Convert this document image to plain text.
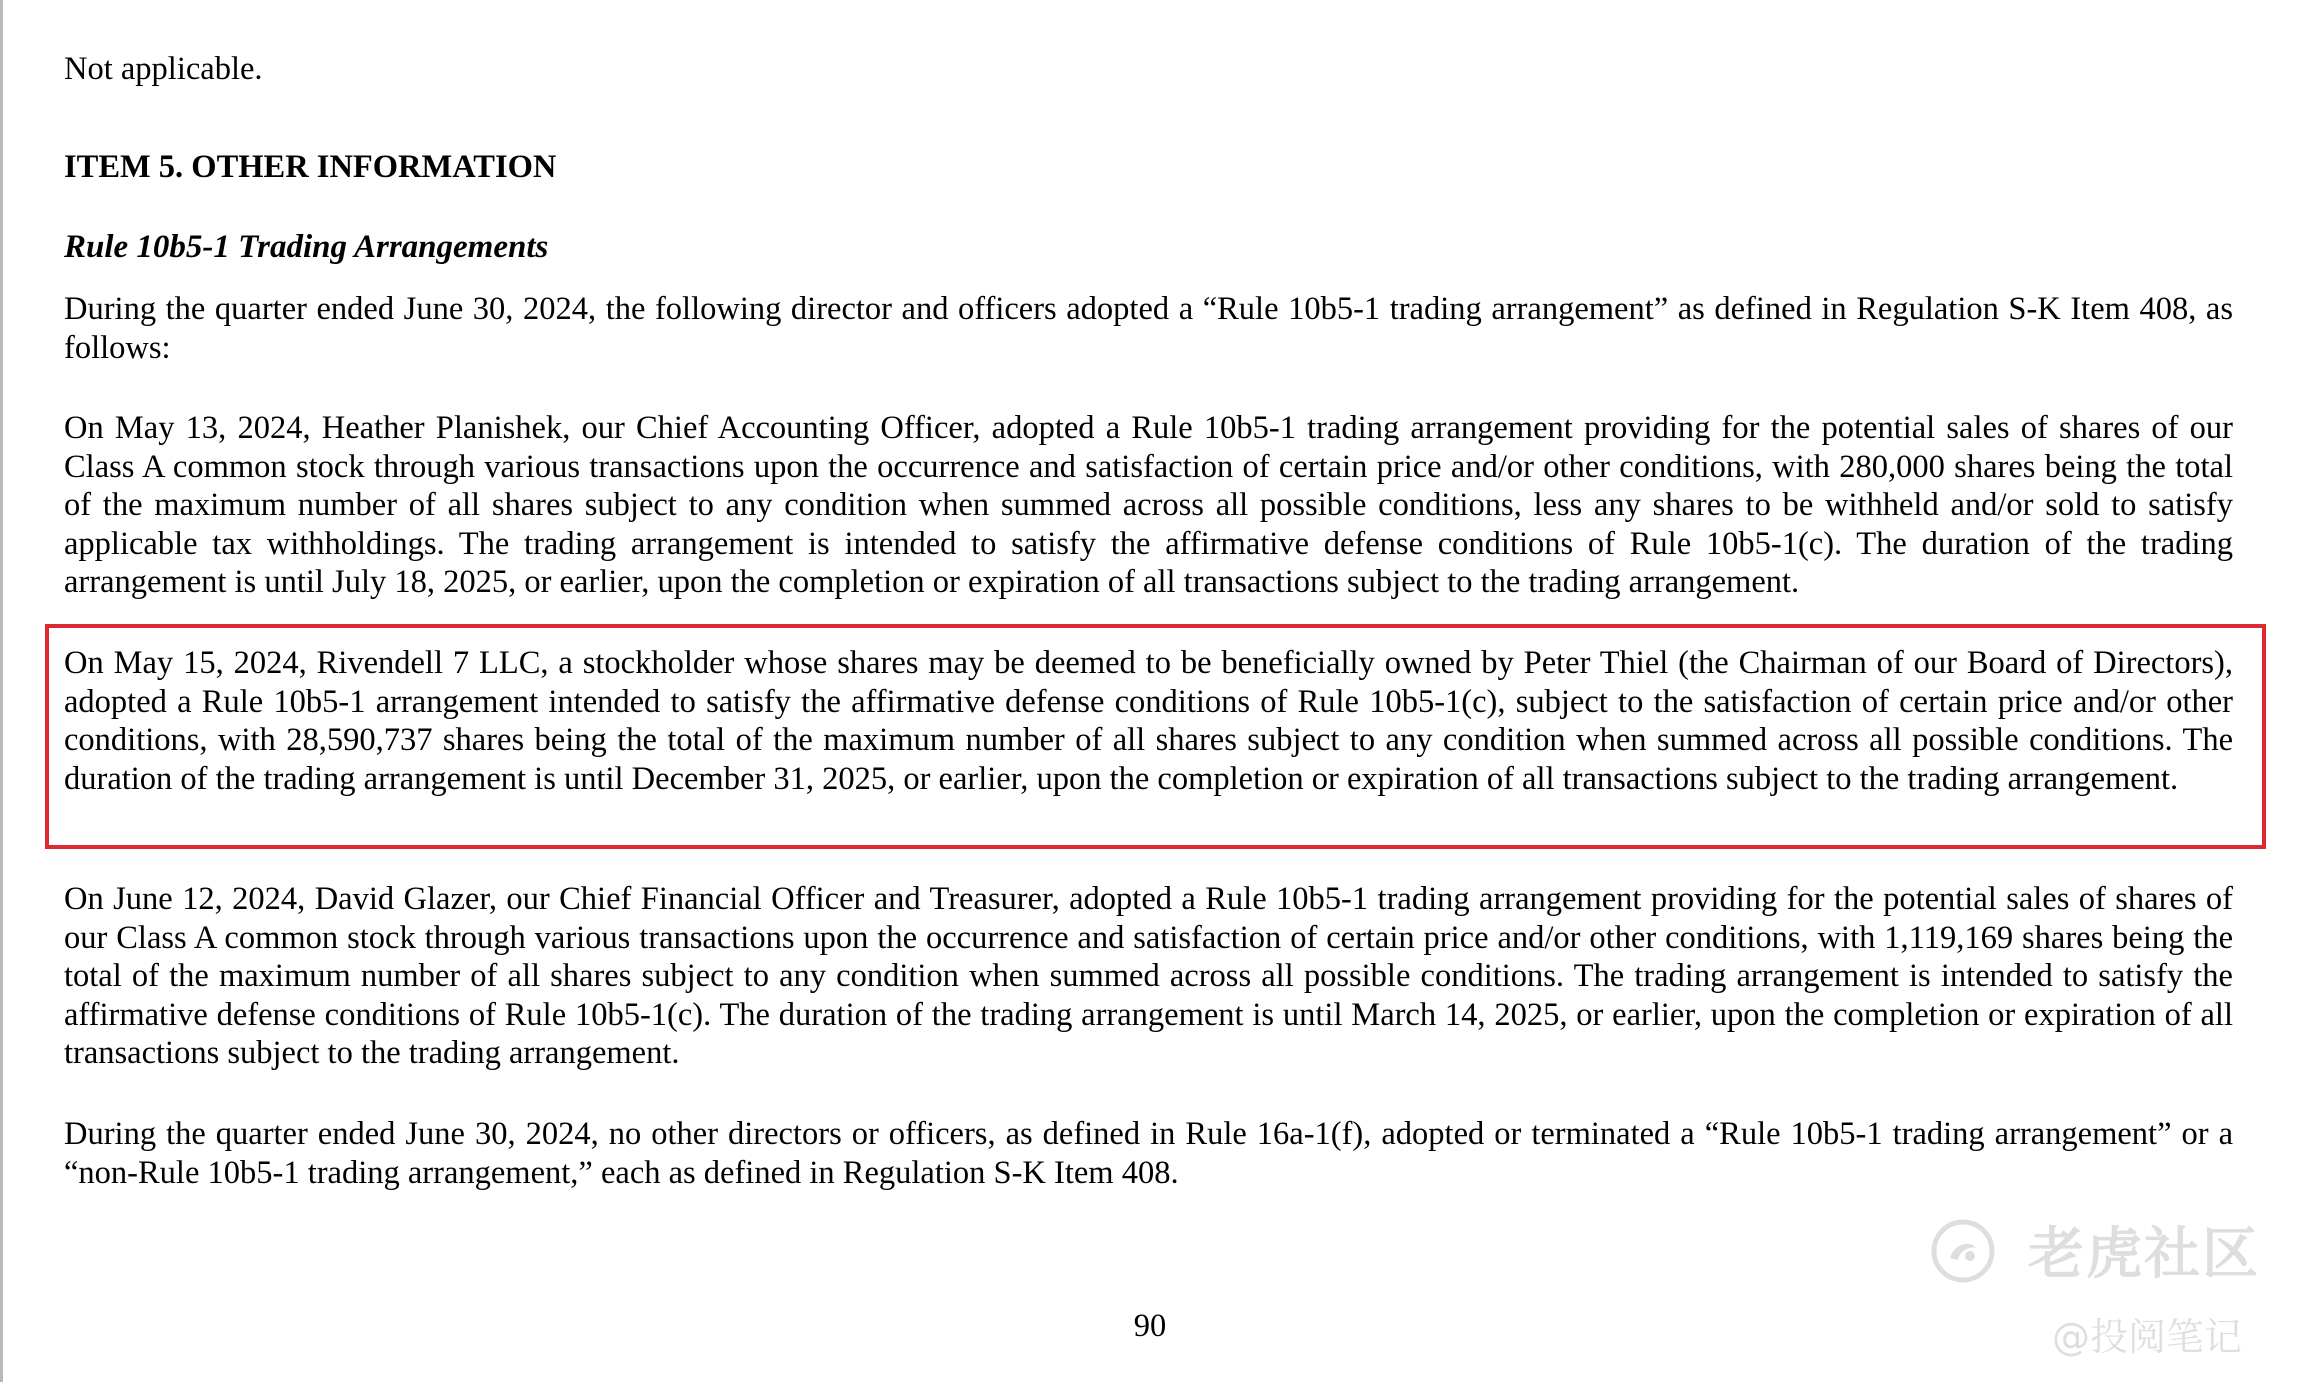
Not applicable.

ITEM 5. OTHER INFORMATION
Rule 10b5-1 Trading Arrangements

During the quarter ended June 30, 2024, the following director and officers adopted a “Rule 10b5-1 trading arrangement” as defined in Regulation S-K Item 408, as follows:

On May 13, 2024, Heather Planishek, our Chief Accounting Officer, adopted a Rule 10b5-1 trading arrangement providing for the potential sales of shares of our Class A common stock through various transactions upon the occurrence and satisfaction of certain price and/or other conditions, with 280,000 shares being the total of the maximum number of all shares subject to any condition when summed across all possible conditions, less any shares to be withheld and/or sold to satisfy applicable tax withholdings. The trading arrangement is intended to satisfy the affirmative defense conditions of Rule 10b5-1(c). The duration of the trading arrangement is until July 18, 2025, or earlier, upon the completion or expiration of all transactions subject to the trading arrangement.

On May 15, 2024, Rivendell 7 LLC, a stockholder whose shares may be deemed to be beneficially owned by Peter Thiel (the Chairman of our Board of Directors), adopted a Rule 10b5-1 arrangement intended to satisfy the affirmative defense conditions of Rule 10b5-1(c), subject to the satisfaction of certain price and/or other conditions, with 28,590,737 shares being the total of the maximum number of all shares subject to any condition when summed across all possible conditions. The duration of the trading arrangement is until December 31, 2025, or earlier, upon the completion or expiration of all transactions subject to the trading arrangement.

On June 12, 2024, David Glazer, our Chief Financial Officer and Treasurer, adopted a Rule 10b5-1 trading arrangement providing for the potential sales of shares of our Class A common stock through various transactions upon the occurrence and satisfaction of certain price and/or other conditions, with 1,119,169 shares being the total of the maximum number of all shares subject to any condition when summed across all possible conditions. The trading arrangement is intended to satisfy the affirmative defense conditions of Rule 10b5-1(c). The duration of the trading arrangement is until March 14, 2025, or earlier, upon the completion or expiration of all transactions subject to the trading arrangement.

During the quarter ended June 30, 2024, no other directors or officers, as defined in Rule 16a-1(f), adopted or terminated a “Rule 10b5-1 trading arrangement” or a “non-Rule 10b5-1 trading arrangement,” each as defined in Regulation S-K Item 408.

90

老虎社区
@投阅笔记
